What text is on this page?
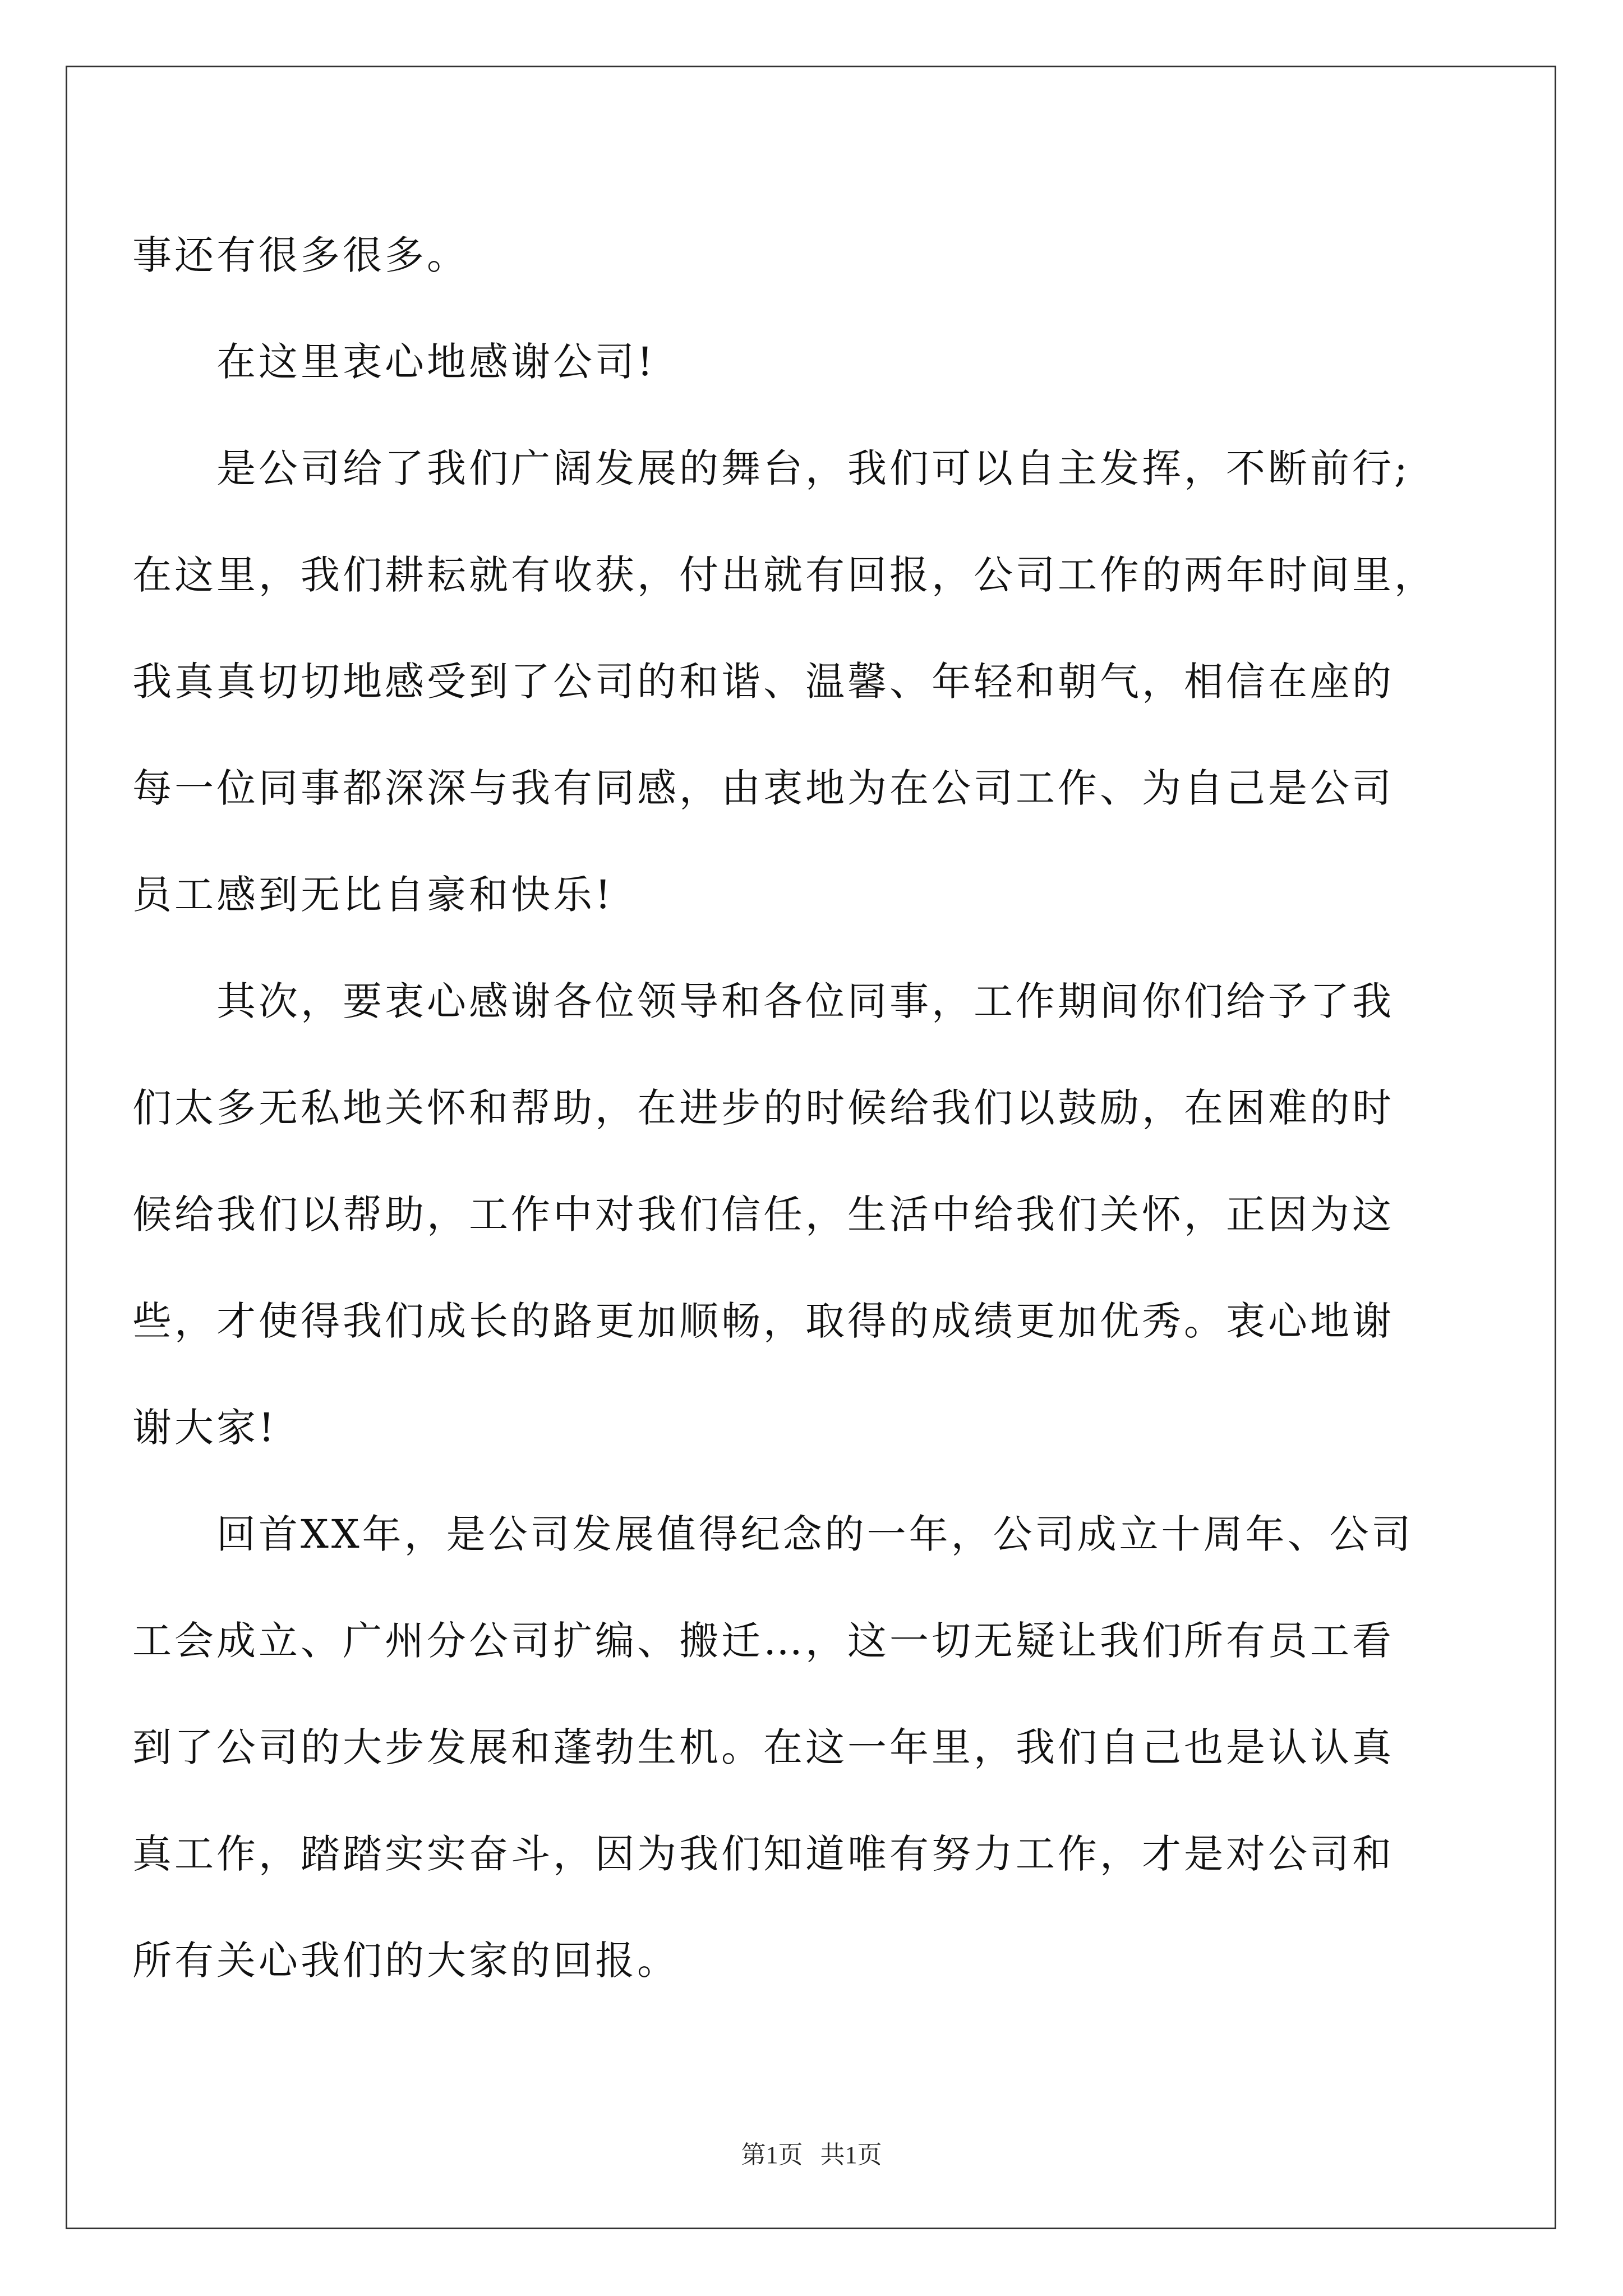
事还有很多很多。
在这里衷心地感谢公司!
是公司给了我们广阔发展的舞台，我们可以自主发挥，不断前行;
在这里，我们耕耘就有收获，付出就有回报，公司工作的两年时间里，
我真真切切地感受到了公司的和谐、温馨、年轻和朝气，相信在座的
每一位同事都深深与我有同感，由衷地为在公司工作、为自己是公司
员工感到无比自豪和快乐!
其次，要衷心感谢各位领导和各位同事，工作期间你们给予了我
们太多无私地关怀和帮助，在进步的时候给我们以鼓励，在困难的时
候给我们以帮助，工作中对我们信任，生活中给我们关怀，正因为这
些，才使得我们成长的路更加顺畅，取得的成绩更加优秀。衷心地谢
谢大家!
回首XX年，是公司发展值得纪念的一年，公司成立十周年、公司
工会成立、广州分公司扩编、搬迁…，这一切无疑让我们所有员工看
到了公司的大步发展和蓬勃生机。在这一年里，我们自己也是认认真
真工作，踏踏实实奋斗，因为我们知道唯有努力工作，才是对公司和
所有关心我们的大家的回报。
第1页 共1页
